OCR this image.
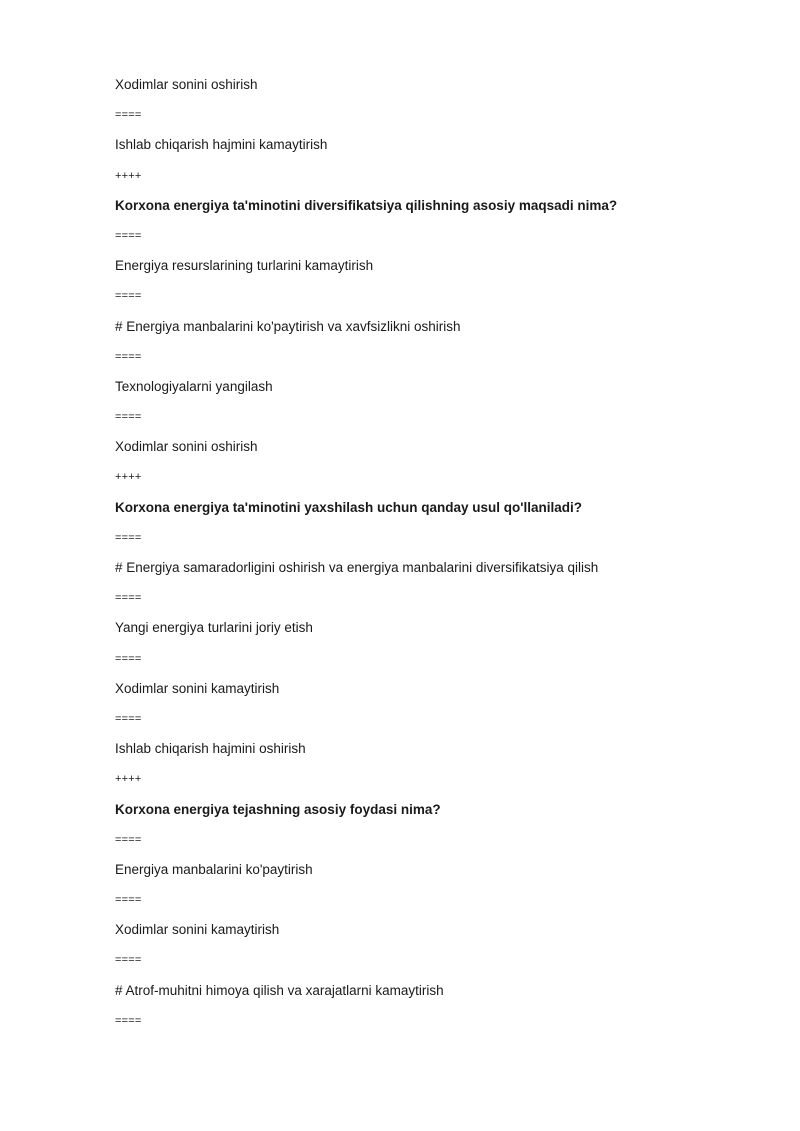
Xodimlar sonini oshirish
====
Ishlab chiqarish hajmini kamaytirish
++++
Korxona energiya ta'minotini diversifikatsiya qilishning asosiy maqsadi nima?
====
Energiya resurslarining turlarini kamaytirish
====
# Energiya manbalarini ko'paytirish va xavfsizlikni oshirish
====
Texnologiyalarni yangilash
====
Xodimlar sonini oshirish
++++
Korxona energiya ta'minotini yaxshilash uchun qanday usul qo'llaniladi?
====
# Energiya samaradorligini oshirish va energiya manbalarini diversifikatsiya qilish
====
Yangi energiya turlarini joriy etish
====
Xodimlar sonini kamaytirish
====
Ishlab chiqarish hajmini oshirish
++++
Korxona energiya tejashning asosiy foydasi nima?
====
Energiya manbalarini ko'paytirish
====
Xodimlar sonini kamaytirish
====
# Atrof-muhitni himoya qilish va xarajatlarni kamaytirish
====
